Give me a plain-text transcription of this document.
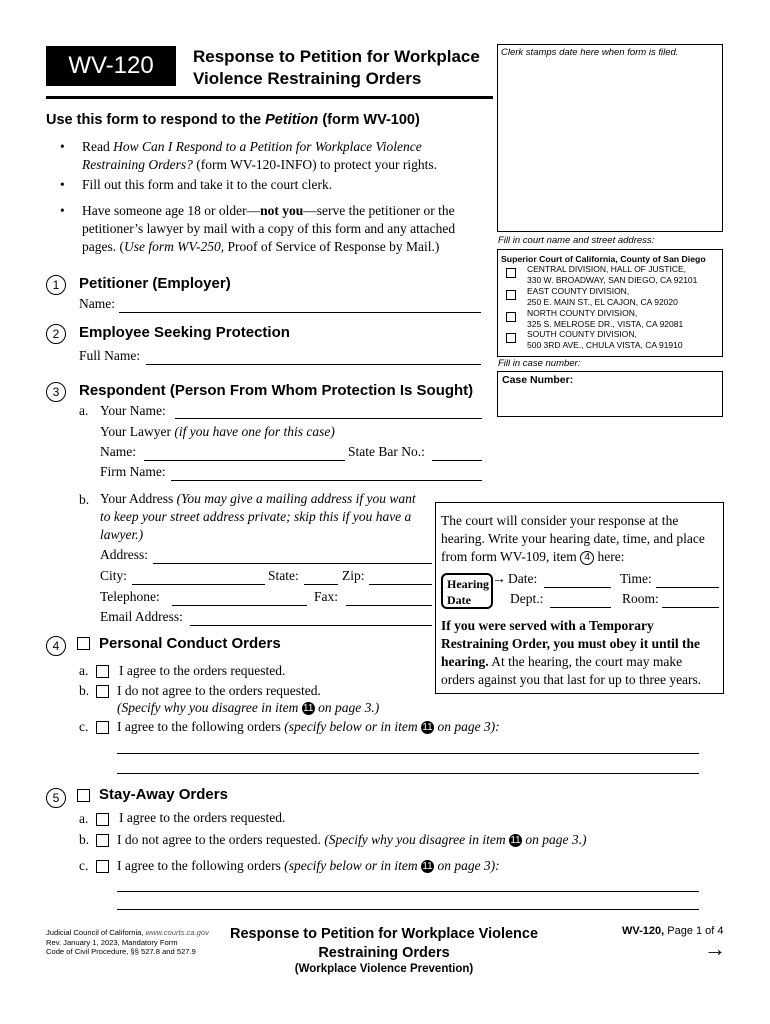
WV-120	Response to Petition for Workplace
Violence Restraining Orders
Clerk stamps date here when form is filed.
Use this form to respond to the Petition (form WV-100)
• Read How Can I Respond to a Petition for Workplace Violence Restraining Orders? (form WV-120-INFO) to protect your rights.
• Fill out this form and take it to the court clerk.
• Have someone age 18 or older—not you—serve the petitioner or the petitioner’s lawyer by mail with a copy of this form and any attached pages. (Use form WV-250, Proof of Service of Response by Mail.)	Fill in court name and street address:
Superior Court of California, County of San Diego
CENTRAL DIVISION, HALL OF JUSTICE,
330 W. BROADWAY, SAN DIEGO, CA 92101
EAST COUNTY DIVISION,
250 E. MAIN ST., EL CAJON, CA 92020
NORTH COUNTY DIVISION,
325 S. MELROSE DR., VISTA, CA 92081
SOUTH COUNTY DIVISION,
500 3RD AVE., CHULA VISTA, CA 91910
Fill in case number:
Case Number:
1	Petitioner (Employer)
Name:
2	Employee Seeking Protection
Full Name:
3	Respondent (Person From Whom Protection Is Sought)
a. Your Name:
Your Lawyer (if you have one for this case)
Name:	State Bar No.:
Firm Name:
b. Your Address (You may give a mailing address if you want
to keep your street address private; skip this if you have a
lawyer.)
Address:
City:	State:	Zip:
Telephone:	Fax:
Email Address:
The court will consider your response at the
hearing. Write your hearing date, time, and place
from form WV-109, item 4 here:
Hearing
Date
→ Date:	Time:
Dept.:	Room:
If you were served with a Temporary
Restraining Order, you must obey it until the
hearing. At the hearing, the court may make
orders against you that last for up to three years.
4	Personal Conduct Orders
a. I agree to the orders requested.
b. I do not agree to the orders requested.
(Specify why you disagree in item 11 on page 3.)
c. I agree to the following orders (specify below or in item 11 on page 3):
5	Stay-Away Orders
a. I agree to the orders requested.
b. I do not agree to the orders requested. (Specify why you disagree in item 11 on page 3.)
c. I agree to the following orders (specify below or in item 11 on page 3):
Judicial Council of California, www.courts.ca.gov
Rev. January 1, 2023, Mandatory Form
Code of Civil Procedure, §§ 527.8 and 527.9
Response to Petition for Workplace Violence
Restraining Orders
(Workplace Violence Prevention)
WV-120, Page 1 of 4
→
